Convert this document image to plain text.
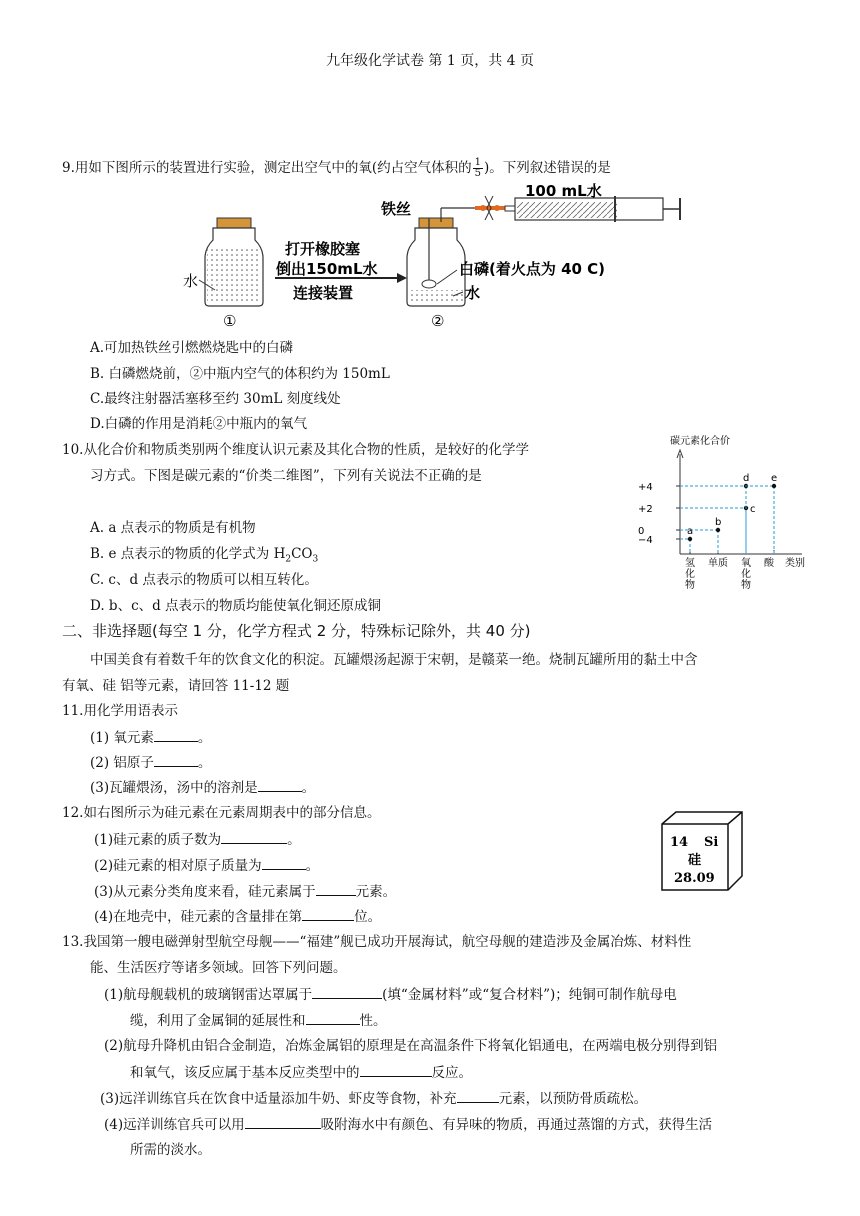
九年级化学试卷 第 1 页，共 4 页
9.用如下图所示的装置进行实验，测定出空气中的氧(约占空气体积的 $\frac{1}{5}$ )。下列叙述错误的是
水
①
打开橡胶塞
倒出150mL水
连接装置
铁丝
②
白磷(着火点为 40 C)
水
100 mL水
A.可加热铁丝引燃燃烧匙中的白磷
B. 白磷燃烧前，②中瓶内空气的体积约为 150mL
C.最终注射器活塞移至约 30mL 刻度线处
D.白磷的作用是消耗②中瓶内的氧气
10.从化合价和物质类别两个维度认识元素及其化合物的性质，是较好的化学学
习方式。下图是碳元素的“价类二维图”，下列有关说法不正确的是
A. a 点表示的物质是有机物
B. e 点表示的物质的化学式为 $H_2CO_3$
C. c、d 点表示的物质可以相互转化。
D. b、c、d 点表示的物质均能使氧化铜还原成铜
碳元素化合价
类别
+4
+2
0
−4
氢
化
物
单质 氧
化
物
酸
a
b
c
d e
二、非选择题(每空 1 分，化学方程式 2 分，特殊标记除外，共 40 分)
中国美食有着数千年的饮食文化的积淀。瓦罐煨汤起源于宋朝，是赣菜一绝。烧制瓦罐所用的黏土中含
有氧、硅 铝等元素，请回答 11-12 题
11.用化学用语表示
(1) 氧元素	。
(2) 铝原子	。
(3)瓦罐煨汤，汤中的溶剂是	。
12.如右图所示为硅元素在元素周期表中的部分信息。
(1)硅元素的质子数为	。
(2)硅元素的相对原子质量为	。
(3)从元素分类角度来看，硅元素属于	元素。
(4)在地壳中，硅元素的含量排在第	位。
14 Si
硅
28.09
13.我国第一艘电磁弹射型航空母舰——“福建”舰已成功开展海试，航空母舰的建造涉及金属冶炼、材料性
能、生活医疗等诸多领域。回答下列问题。
(1)航母舰载机的玻璃钢雷达罩属于	(填“金属材料”或“复合材料”)；纯铜可制作航母电
缆，利用了金属铜的延展性和	性。
(2)航母升降机由铝合金制造，冶炼金属铝的原理是在高温条件下将氧化铝通电，在两端电极分别得到铝
和氧气，该反应属于基本反应类型中的	反应。
(3)远洋训练官兵在饮食中适量添加牛奶、虾皮等食物，补充	元素，以预防骨质疏松。
(4)远洋训练官兵可以用	吸附海水中有颜色、有异味的物质，再通过蒸馏的方式，获得生活
所需的淡水。
